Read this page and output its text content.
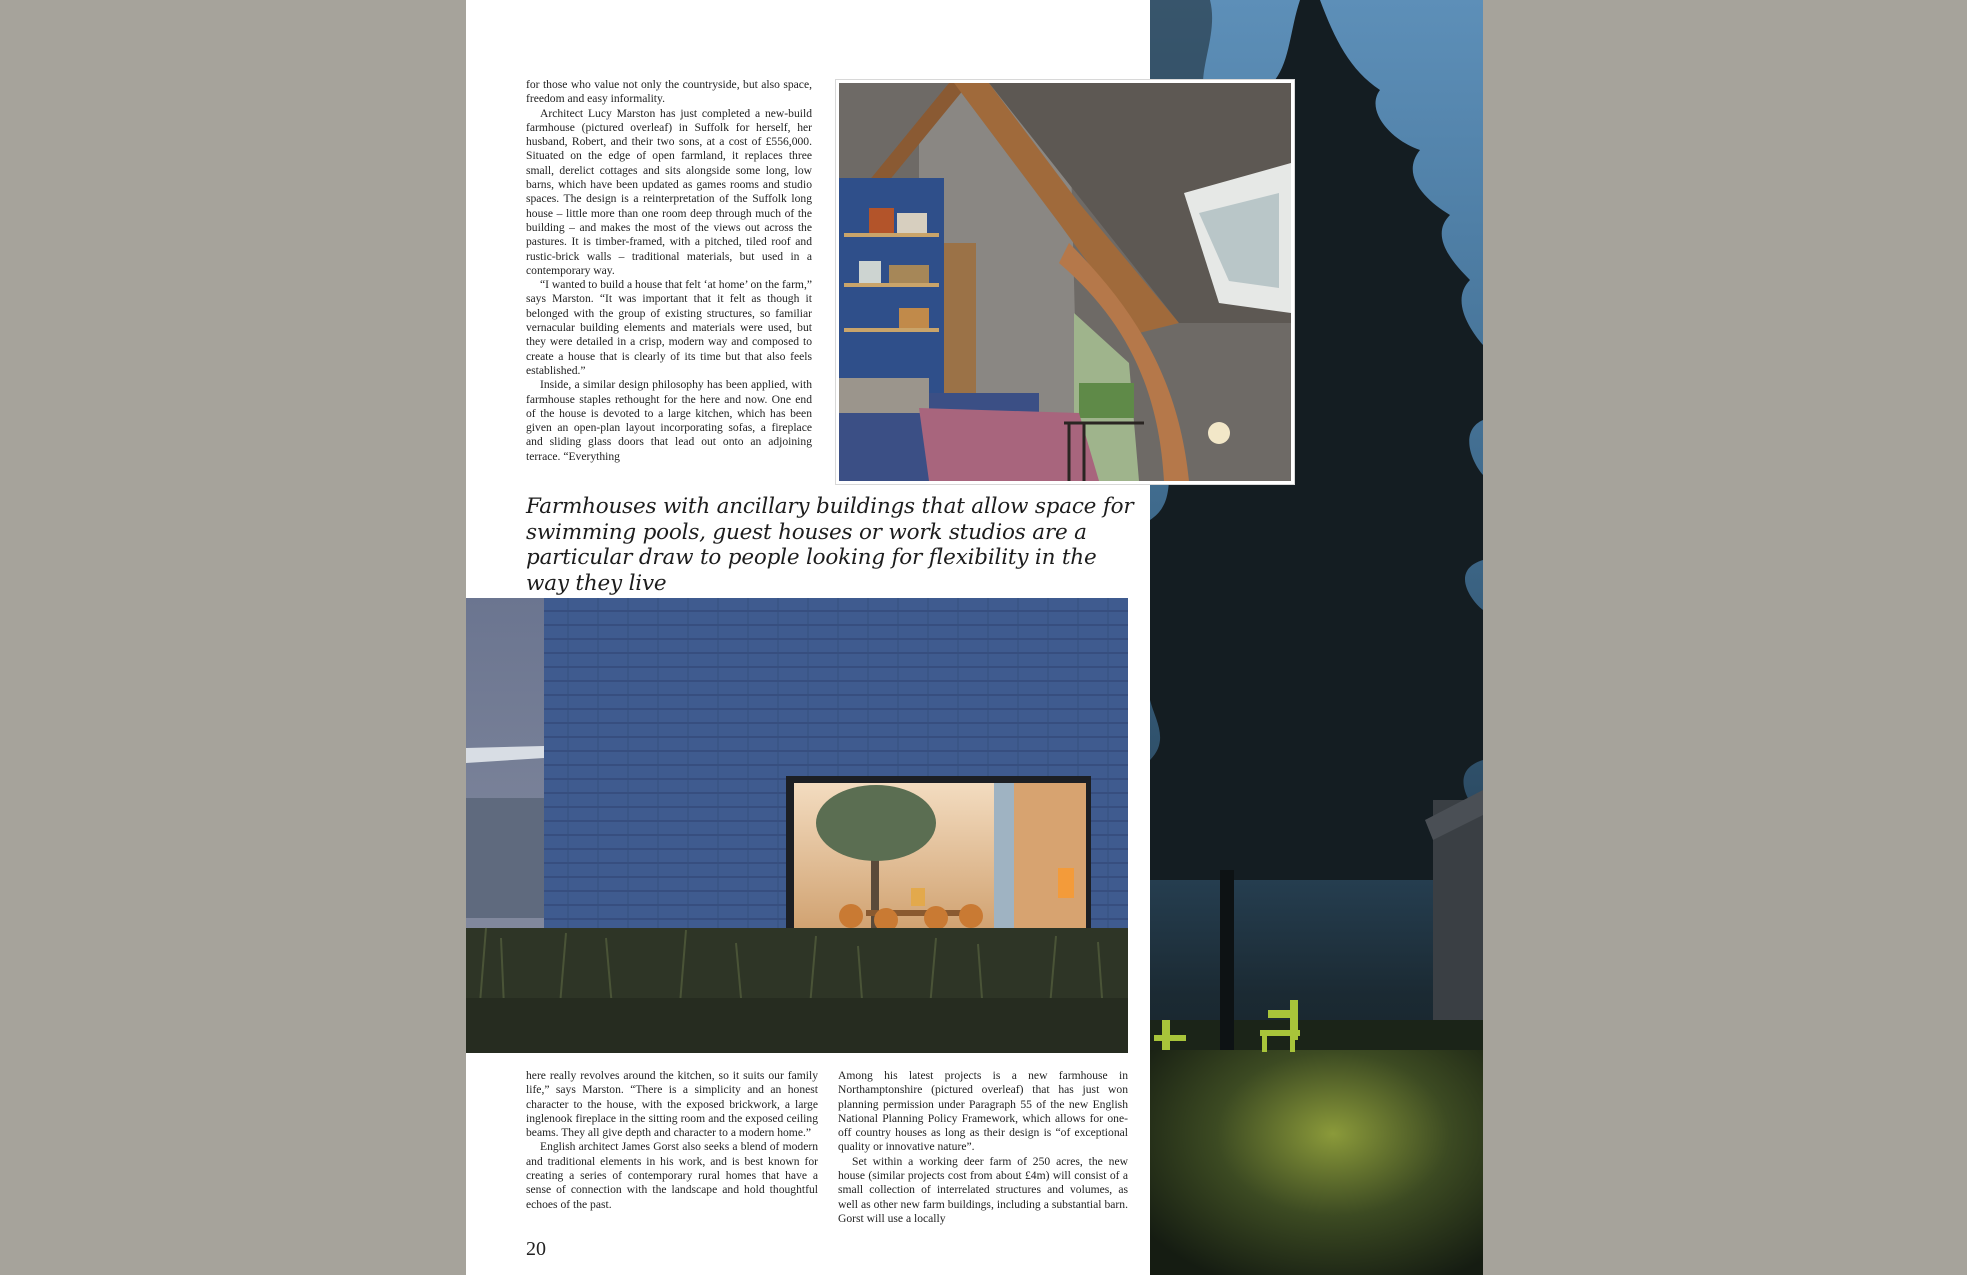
for those who value not only the countryside, but also space, freedom and easy informality.

Architect Lucy Marston has just completed a new-build farmhouse (pictured overleaf) in Suffolk for herself, her husband, Robert, and their two sons, at a cost of £556,000. Situated on the edge of open farmland, it replaces three small, derelict cottages and sits alongside some long, low barns, which have been updated as games rooms and studio spaces. The design is a reinterpretation of the Suffolk long house – little more than one room deep through much of the building – and makes the most of the views out across the pastures. It is timber-framed, with a pitched, tiled roof and rustic-brick walls – traditional materials, but used in a contemporary way.

“I wanted to build a house that felt ‘at home’ on the farm,” says Marston. “It was important that it felt as though it belonged with the group of existing structures, so familiar vernacular building elements and materials were used, but they were detailed in a crisp, modern way and composed to create a house that is clearly of its time but that also feels established.”

Inside, a similar design philosophy has been applied, with farmhouse staples rethought for the here and now. One end of the house is devoted to a large kitchen, which has been given an open-plan layout incorporating sofas, a fireplace and sliding glass doors that lead out onto an adjoining terrace. “Everything

Farmhouses with ancillary buildings that allow space for swimming pools, guest houses or work studios are a particular draw to people looking for flexibility in the way they live

here really revolves around the kitchen, so it suits our family life,” says Marston. “There is a simplicity and an honest character to the house, with the exposed brickwork, a large inglenook fireplace in the sitting room and the exposed ceiling beams. They all give depth and character to a modern home.”

English architect James Gorst also seeks a blend of modern and traditional elements in his work, and is best known for creating a series of contemporary rural homes that have a sense of connection with the landscape and hold thoughtful echoes of the past.

Among his latest projects is a new farmhouse in Northamptonshire (pictured overleaf) that has just won planning permission under Paragraph 55 of the new English National Planning Policy Framework, which allows for one-off country houses as long as their design is “of exceptional quality or innovative nature”.

Set within a working deer farm of 250 acres, the new house (similar projects cost from about £4m) will consist of a small collection of interrelated structures and volumes, as well as other new farm buildings, including a substantial barn. Gorst will use a locally

20
